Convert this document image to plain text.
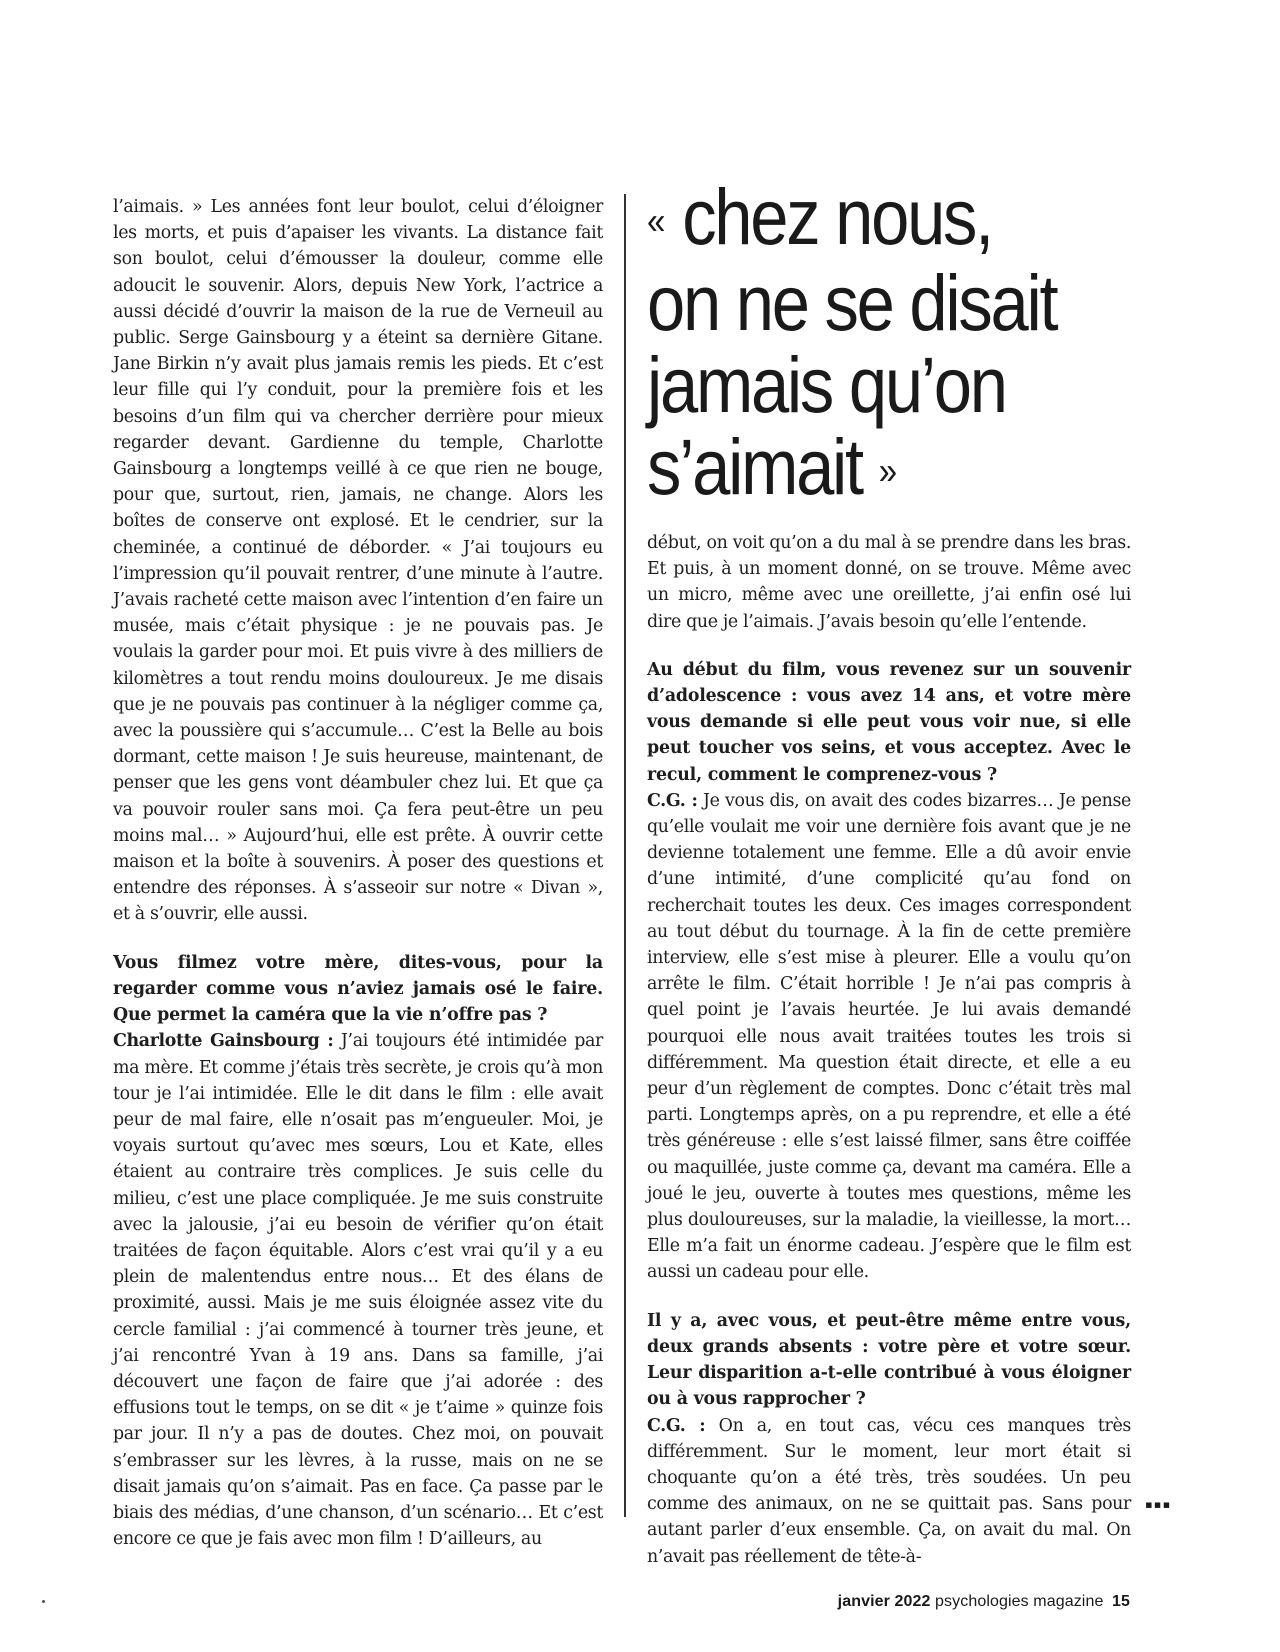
l’aimais. » Les années font leur boulot, celui d’éloigner les morts, et puis d’apaiser les vivants. La distance fait son boulot, celui d’émousser la douleur, comme elle adoucit le souvenir. Alors, depuis New York, l’actrice a aussi décidé d’ouvrir la maison de la rue de Verneuil au public. Serge Gainsbourg y a éteint sa dernière Gitane. Jane Birkin n’y avait plus jamais remis les pieds. Et c’est leur fille qui l’y conduit, pour la première fois et les besoins d’un film qui va chercher derrière pour mieux regarder devant. Gardienne du temple, Charlotte Gainsbourg a longtemps veillé à ce que rien ne bouge, pour que, surtout, rien, jamais, ne change. Alors les boîtes de conserve ont explosé. Et le cendrier, sur la cheminée, a continué de déborder. « J’ai toujours eu l’impression qu’il pouvait rentrer, d’une minute à l’autre. J’avais racheté cette maison avec l’intention d’en faire un musée, mais c’était physique : je ne pouvais pas. Je voulais la garder pour moi. Et puis vivre à des milliers de kilomètres a tout rendu moins douloureux. Je me disais que je ne pouvais pas continuer à la négliger comme ça, avec la poussière qui s’accumule… C’est la Belle au bois dormant, cette maison ! Je suis heureuse, maintenant, de penser que les gens vont déambuler chez lui. Et que ça va pouvoir rouler sans moi. Ça fera peut-être un peu moins mal… » Aujourd’hui, elle est prête. À ouvrir cette maison et la boîte à souvenirs. À poser des questions et entendre des réponses. À s’asseoir sur notre « Divan », et à s’ouvrir, elle aussi.

Vous filmez votre mère, dites-vous, pour la regarder comme vous n’aviez jamais osé le faire. Que permet la caméra que la vie n’offre pas ?

Charlotte Gainsbourg : J’ai toujours été intimidée par ma mère. Et comme j’étais très secrète, je crois qu’à mon tour je l’ai intimidée. Elle le dit dans le film : elle avait peur de mal faire, elle n’osait pas m’engueuler. Moi, je voyais surtout qu’avec mes sœurs, Lou et Kate, elles étaient au contraire très complices. Je suis celle du milieu, c’est une place compliquée. Je me suis construite avec la jalousie, j’ai eu besoin de vérifier qu’on était traitées de façon équitable. Alors c’est vrai qu’il y a eu plein de malentendus entre nous… Et des élans de proximité, aussi. Mais je me suis éloignée assez vite du cercle familial : j’ai commencé à tourner très jeune, et j’ai rencontré Yvan à 19 ans. Dans sa famille, j’ai découvert une façon de faire que j’ai adorée : des effusions tout le temps, on se dit « je t’aime » quinze fois par jour. Il n’y a pas de doutes. Chez moi, on pouvait s’embrasser sur les lèvres, à la russe, mais on ne se disait jamais qu’on s’aimait. Pas en face. Ça passe par le biais des médias, d’une chanson, d’un scénario… Et c’est encore ce que je fais avec mon film ! D’ailleurs, au

« chez nous,
on ne se disait
jamais qu’on
s’aimait »

début, on voit qu’on a du mal à se prendre dans les bras. Et puis, à un moment donné, on se trouve. Même avec un micro, même avec une oreillette, j’ai enfin osé lui dire que je l’aimais. J’avais besoin qu’elle l’entende.

Au début du film, vous revenez sur un souvenir d’adolescence : vous avez 14 ans, et votre mère vous demande si elle peut vous voir nue, si elle peut toucher vos seins, et vous acceptez. Avec le recul, comment le comprenez-vous ?

C.G. : Je vous dis, on avait des codes bizarres… Je pense qu’elle voulait me voir une dernière fois avant que je ne devienne totalement une femme. Elle a dû avoir envie d’une intimité, d’une complicité qu’au fond on recherchait toutes les deux. Ces images correspondent au tout début du tournage. À la fin de cette première interview, elle s’est mise à pleurer. Elle a voulu qu’on arrête le film. C’était horrible ! Je n’ai pas compris à quel point je l’avais heurtée. Je lui avais demandé pourquoi elle nous avait traitées toutes les trois si différemment. Ma question était directe, et elle a eu peur d’un règlement de comptes. Donc c’était très mal parti. Longtemps après, on a pu reprendre, et elle a été très généreuse : elle s’est laissé filmer, sans être coiffée ou maquillée, juste comme ça, devant ma caméra. Elle a joué le jeu, ouverte à toutes mes questions, même les plus douloureuses, sur la maladie, la vieillesse, la mort… Elle m’a fait un énorme cadeau. J’espère que le film est aussi un cadeau pour elle.

Il y a, avec vous, et peut-être même entre vous, deux grands absents : votre père et votre sœur. Leur disparition a-t-elle contribué à vous éloigner ou à vous rapprocher ?

C.G. : On a, en tout cas, vécu ces manques très différemment. Sur le moment, leur mort était si choquante qu’on a été très, très soudées. Un peu comme des animaux, on ne se quittait pas. Sans pour autant parler d’eux ensemble. Ça, on avait du mal. On n’avait pas réellement de tête-à-

▪▪▪
janvier 2022 psychologies magazine 15
